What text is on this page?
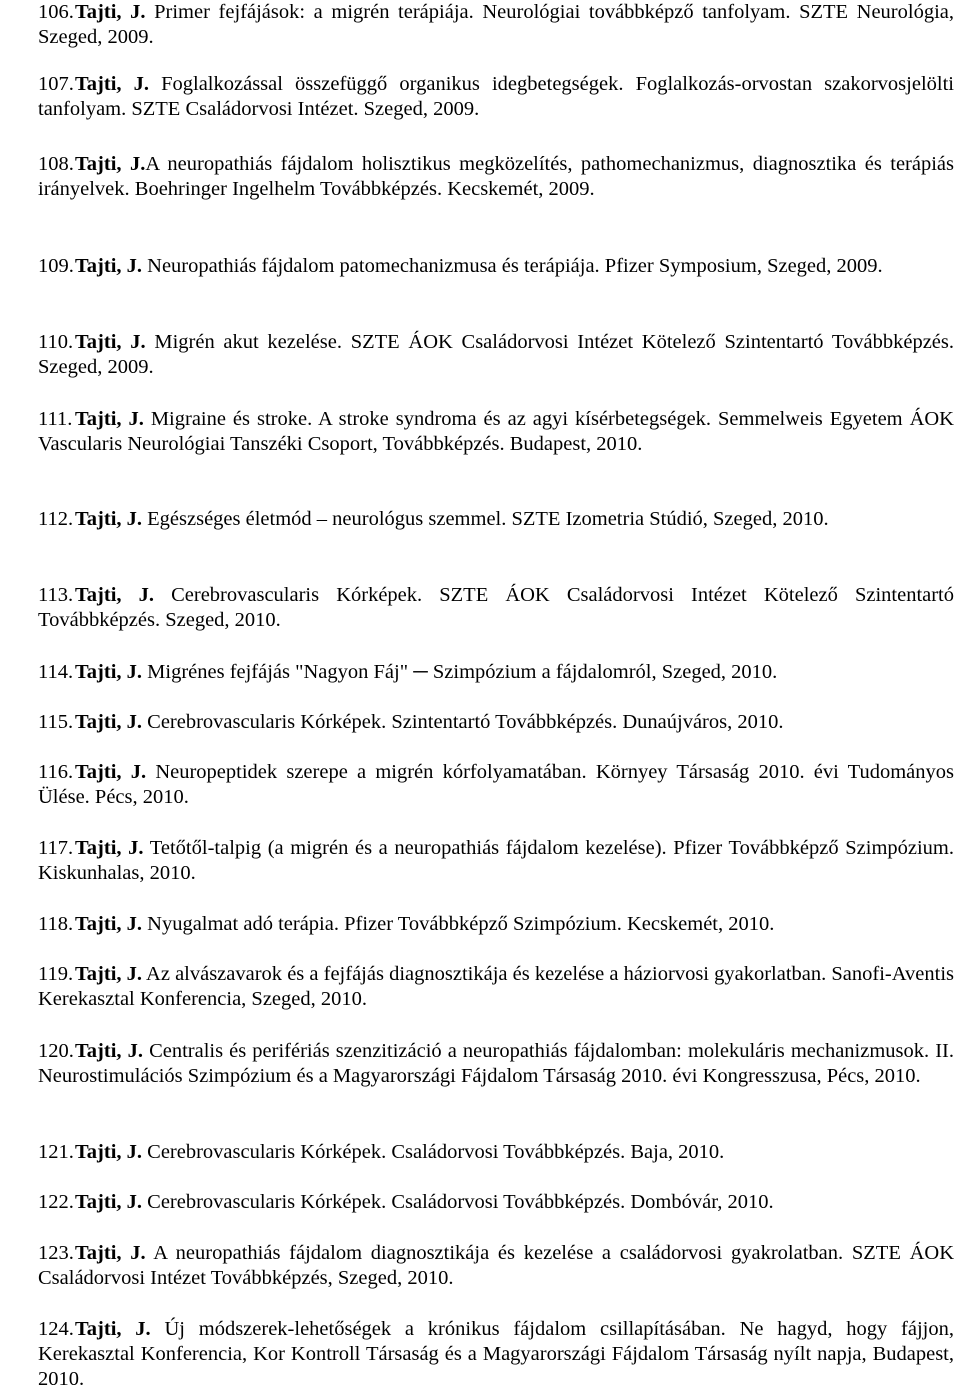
106.Tajti, J. Primer fejfájások: a migrén terápiája. Neurológiai továbbképző tanfolyam. SZTE Neurológia, Szeged, 2009.

107.Tajti, J. Foglalkozással összefüggő organikus idegbetegségek. Foglalkozás-orvostan szakorvosjelölti tanfolyam. SZTE Családorvosi Intézet. Szeged, 2009.

108.Tajti, J.A neuropathiás fájdalom holisztikus megközelítés, pathomechanizmus, diagnosztika és terápiás irányelvek. Boehringer Ingelhelm Továbbképzés. Kecskemét, 2009.

109.Tajti, J. Neuropathiás fájdalom patomechanizmusa és terápiája. Pfizer Symposium, Szeged, 2009.

110.Tajti, J. Migrén akut kezelése. SZTE ÁOK Családorvosi Intézet Kötelező Szintentartó Továbbképzés. Szeged, 2009.

111. Tajti, J. Migraine és stroke. A stroke syndroma és az agyi kísérbetegségek. Semmelweis Egyetem ÁOK Vascularis Neurológiai Tanszéki Csoport, Továbbképzés. Budapest, 2010.

112.Tajti, J. Egészséges életmód – neurológus szemmel. SZTE Izometria Stúdió, Szeged, 2010.

113.Tajti, J. Cerebrovascularis Kórképek. SZTE ÁOK Családorvosi Intézet Kötelező Szintentartó Továbbképzés. Szeged, 2010.

114.Tajti, J. Migrénes fejfájás "Nagyon Fáj" ─ Szimpózium a fájdalomról, Szeged, 2010.

115.Tajti, J. Cerebrovascularis Kórképek. Szintentartó Továbbképzés. Dunaújváros, 2010.

116.Tajti, J. Neuropeptidek szerepe a migrén kórfolyamatában. Környey Társaság 2010. évi Tudományos Ülése. Pécs, 2010.

117.Tajti, J. Tetőtől-talpig (a migrén és a neuropathiás fájdalom kezelése). Pfizer Továbbképző Szimpózium. Kiskunhalas, 2010.

118.Tajti, J. Nyugalmat adó terápia. Pfizer Továbbképző Szimpózium. Kecskemét, 2010.

119.Tajti, J. Az alvászavarok és a fejfájás diagnosztikája és kezelése a háziorvosi gyakorlatban. Sanofi-Aventis Kerekasztal Konferencia, Szeged, 2010.

120.Tajti, J. Centralis és perifériás szenzitizáció a neuropathiás fájdalomban: molekuláris mechanizmusok. II. Neurostimulációs Szimpózium és a Magyarországi Fájdalom Társaság 2010. évi Kongresszusa, Pécs, 2010.

121.Tajti, J. Cerebrovascularis Kórképek. Családorvosi Továbbképzés. Baja, 2010.

122.Tajti, J. Cerebrovascularis Kórképek. Családorvosi Továbbképzés. Dombóvár, 2010.

123.Tajti, J. A neuropathiás fájdalom diagnosztikája és kezelése a családorvosi gyakrolatban. SZTE ÁOK Családorvosi Intézet Továbbképzés, Szeged, 2010.

124.Tajti, J. Új módszerek-lehetőségek a krónikus fájdalom csillapításában. Ne hagyd, hogy fájjon, Kerekasztal Konferencia, Kor Kontroll Társaság és a Magyarországi Fájdalom Társaság nyílt napja, Budapest, 2010.
